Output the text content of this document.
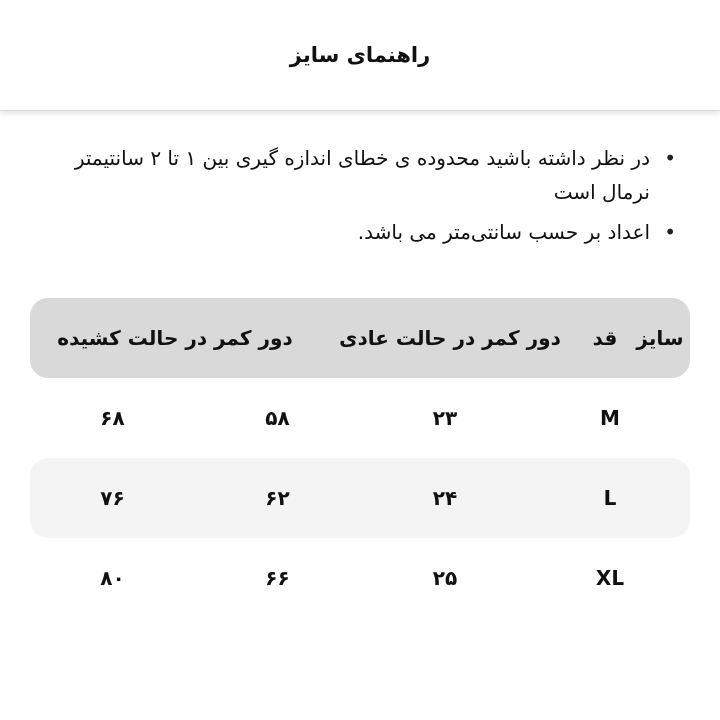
راهنمای سایز
• در نظر داشته باشید محدوده ی خطای اندازه گیری بین ۱ تا ۲ سانتیمتر نرمال است
• اعداد بر حسب سانتی‌متر می باشد.
سایز
قد
دور کمر در حالت عادی
دور کمر در حالت کشیده
M
۲۳
۵۸
۶۸
L
۲۴
۶۲
۷۶
XL
۲۵
۶۶
۸۰
